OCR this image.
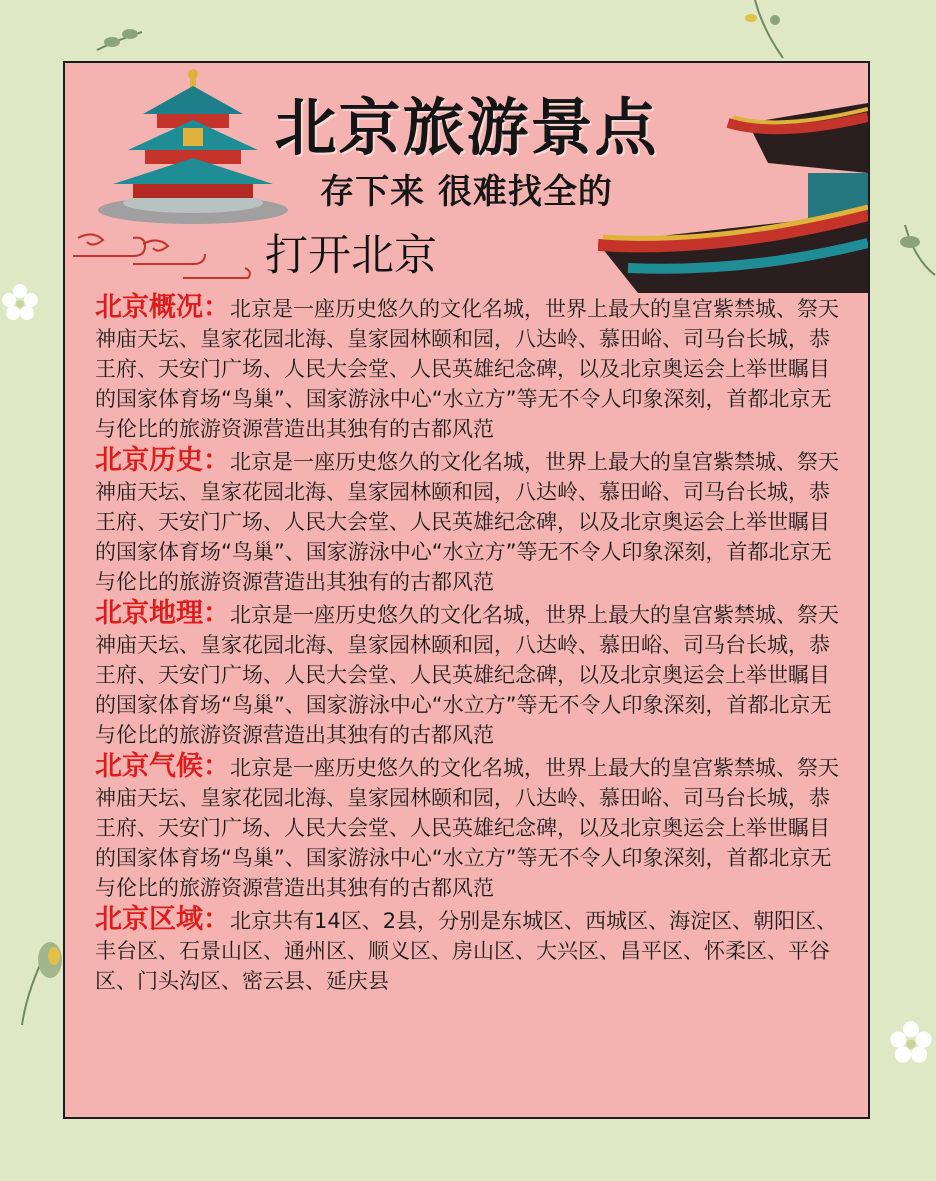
北京旅游景点
存下来 很难找全的
打开北京
北京概况：北京是一座历史悠久的文化名城，世界上最大的皇宫紫禁城、祭天神庙天坛、皇家花园北海、皇家园林颐和园，八达岭、慕田峪、司马台长城，恭王府、天安门广场、人民大会堂、人民英雄纪念碑，以及北京奥运会上举世瞩目的国家体育场“鸟巢”、国家游泳中心“水立方”等无不令人印象深刻，首都北京无与伦比的旅游资源营造出其独有的古都风范
北京历史：北京是一座历史悠久的文化名城，世界上最大的皇宫紫禁城、祭天神庙天坛、皇家花园北海、皇家园林颐和园，八达岭、慕田峪、司马台长城，恭王府、天安门广场、人民大会堂、人民英雄纪念碑，以及北京奥运会上举世瞩目的国家体育场“鸟巢”、国家游泳中心“水立方”等无不令人印象深刻，首都北京无与伦比的旅游资源营造出其独有的古都风范
北京地理：北京是一座历史悠久的文化名城，世界上最大的皇宫紫禁城、祭天神庙天坛、皇家花园北海、皇家园林颐和园，八达岭、慕田峪、司马台长城，恭王府、天安门广场、人民大会堂、人民英雄纪念碑，以及北京奥运会上举世瞩目的国家体育场“鸟巢”、国家游泳中心“水立方”等无不令人印象深刻，首都北京无与伦比的旅游资源营造出其独有的古都风范
北京气候：北京是一座历史悠久的文化名城，世界上最大的皇宫紫禁城、祭天神庙天坛、皇家花园北海、皇家园林颐和园，八达岭、慕田峪、司马台长城，恭王府、天安门广场、人民大会堂、人民英雄纪念碑，以及北京奥运会上举世瞩目的国家体育场“鸟巢”、国家游泳中心“水立方”等无不令人印象深刻，首都北京无与伦比的旅游资源营造出其独有的古都风范
北京区域：北京共有14区、2县，分别是东城区、西城区、海淀区、朝阳区、丰台区、石景山区、通州区、顺义区、房山区、大兴区、昌平区、怀柔区、平谷区、门头沟区、密云县、延庆县
